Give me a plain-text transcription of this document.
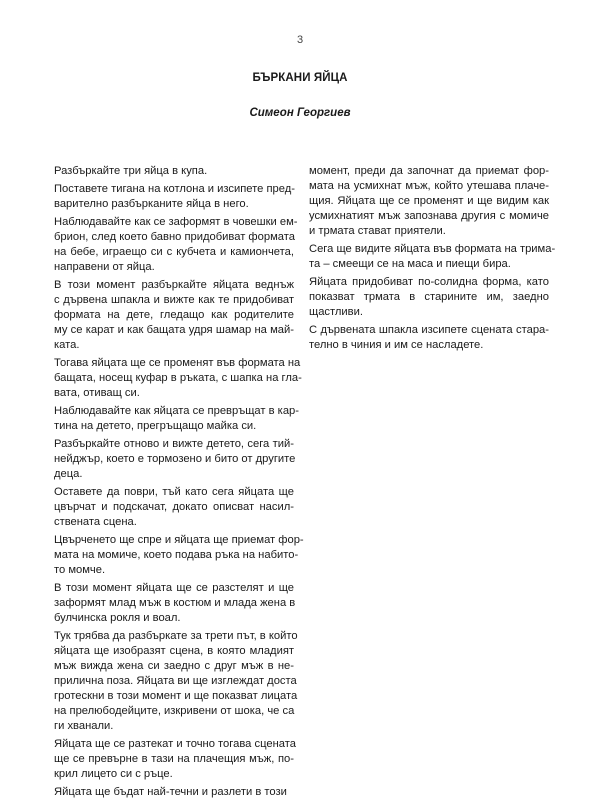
3
БЪРКАНИ ЯЙЦА
Симеон Георгиев
Разбъркайте три яйца в купа.
Поставете тигана на котлона и изсипете пред-
варително разбърканите яйца в него.
Наблюдавайте как се заформят в човешки ем-
брион, след което бавно придобиват формата
на бебе, играещо си с кубчета и камиончета,
направени от яйца.
В този момент разбъркайте яйцата веднъж
с дървена шпакла и вижте как те придобиват
формата на дете, гледащо как родителите
му се карат и как бащата удря шамар на май-
ката.
Тогава яйцата ще се променят във формата на
бащата, носещ куфар в ръката, с шапка на гла-
вата, отиващ си.
Наблюдавайте как яйцата се превръщат в кар-
тина на детето, прегръщащо майка си.
Разбъркайте отново и вижте детето, сега тий-
нейджър, което е тормозено и бито от другите
деца.
Оставете да поври, тъй като сега яйцата ще
цвърчат и подскачат, докато описват насил-
ствената сцена.
Цвърченето ще спре и яйцата ще приемат фор-
мата на момиче, което подава ръка на набито-
то момче.
В този момент яйцата ще се разстелят и ще
заформят млад мъж в костюм и млада жена в
булчинска рокля и воал.
Тук трябва да разбъркате за трети път, в който
яйцата ще изобразят сцена, в която младият
мъж вижда жена си заедно с друг мъж в не-
прилична поза. Яйцата ви ще изглеждат доста
гротескни в този момент и ще показват лицата
на прелюбодейците, изкривени от шока, че са
ги хванали.
Яйцата ще се разтекат и точно тогава сцената
ще се превърне в тази на плачещия мъж, по-
крил лицето си с ръце.
Яйцата ще бъдат най-течни и разлети в този
момент, преди да започнат да приемат фор-
мата на усмихнат мъж, който утешава плаче-
щия. Яйцата ще се променят и ще видим как
усмихнатият мъж запознава другия с момиче
и трмата стават приятели.
Сега ще видите яйцата във формата на трима-
та – смеещи се на маса и пиещи бира.
Яйцата придобиват по-солидна форма, като
показват трмата в старините им, заедно
щастливи.
С дървената шпакла изсипете сцената стара-
телно в чиния и им се насладете.
